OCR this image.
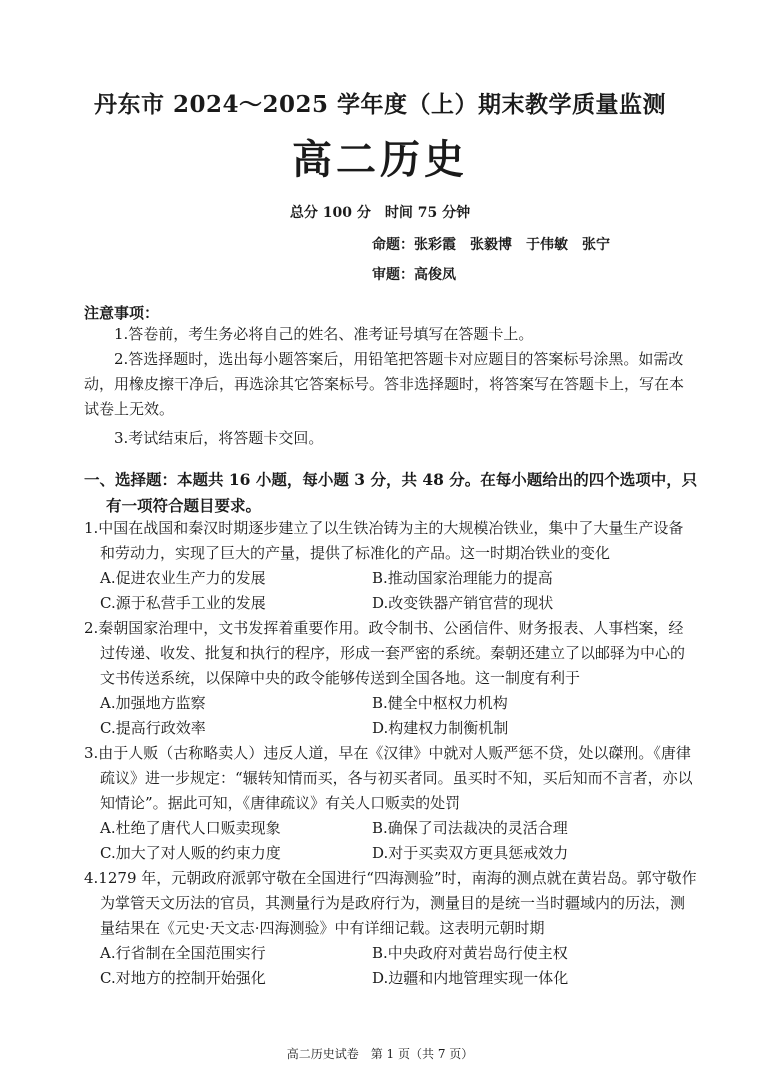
丹东市 2024～2025 学年度（上）期末教学质量监测
高二历史
总分 100 分　时间 75 分钟
命题：张彩霞　张毅博　于伟敏　张宁
审题：高俊凤
注意事项：
1.答卷前，考生务必将自己的姓名、准考证号填写在答题卡上。
2.答选择题时，选出每小题答案后，用铅笔把答题卡对应题目的答案标号涂黑。如需改动，用橡皮擦干净后，再选涂其它答案标号。答非选择题时，将答案写在答题卡上，写在本试卷上无效。
3.考试结束后，将答题卡交回。
一、选择题：本题共 16 小题，每小题 3 分，共 48 分。在每小题给出的四个选项中，只有一项符合题目要求。
1.中国在战国和秦汉时期逐步建立了以生铁冶铸为主的大规模冶铁业，集中了大量生产设备和劳动力，实现了巨大的产量，提供了标准化的产品。这一时期冶铁业的变化
A.促进农业生产力的发展	B.推动国家治理能力的提高
C.源于私营手工业的发展	D.改变铁器产销官营的现状
2.秦朝国家治理中，文书发挥着重要作用。政令制书、公函信件、财务报表、人事档案，经过传递、收发、批复和执行的程序，形成一套严密的系统。秦朝还建立了以邮驿为中心的文书传送系统，以保障中央的政令能够传送到全国各地。这一制度有利于
A.加强地方监察	B.健全中枢权力机构
C.提高行政效率	D.构建权力制衡机制
3.由于人贩（古称略卖人）违反人道，早在《汉律》中就对人贩严惩不贷，处以磔刑。《唐律疏议》进一步规定：“辗转知情而买，各与初买者同。虽买时不知，买后知而不言者，亦以知情论”。据此可知，《唐律疏议》有关人口贩卖的处罚
A.杜绝了唐代人口贩卖现象	B.确保了司法裁决的灵活合理
C.加大了对人贩的约束力度	D.对于买卖双方更具惩戒效力
4.1279 年，元朝政府派郭守敬在全国进行“四海测验”时，南海的测点就在黄岩岛。郭守敬作为掌管天文历法的官员，其测量行为是政府行为，测量目的是统一当时疆域内的历法，测量结果在《元史·天文志·四海测验》中有详细记载。这表明元朝时期
A.行省制在全国范围实行	B.中央政府对黄岩岛行使主权
C.对地方的控制开始强化	D.边疆和内地管理实现一体化
高二历史试卷　第 1 页（共 7 页）
